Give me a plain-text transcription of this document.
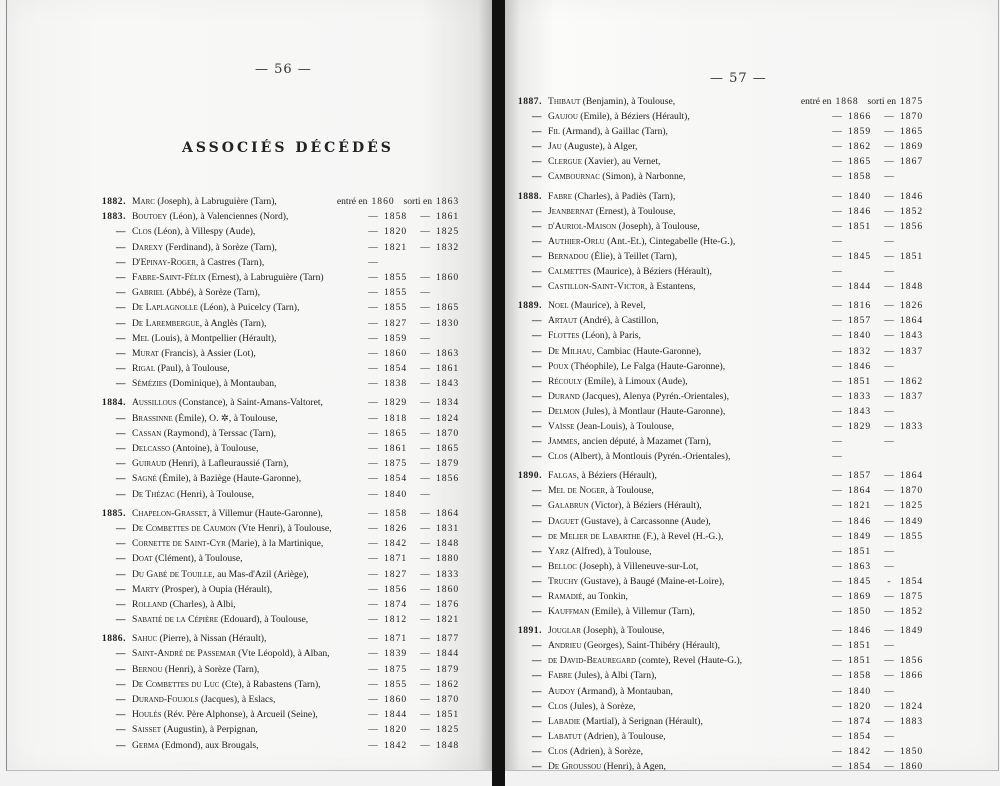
— 56 —
ASSOCIÉS DÉCÉDÉS
— 57 —
1882. Marc (Joseph), à Labruguière (Tarn),	entré en 1860 sorti en 1863
1883. Boutoey (Léon), à Valenciennes (Nord),	— 1858	— 1861
— Clos (Léon), à Villespy (Aude),	— 1820	— 1825
— Darexy (Ferdinand), à Sorèze (Tarn),	— 1821	— 1832
— D'Epinay-Roger, à Castres (Tarn),	—
— Fabre-Saint-Félix (Ernest), à Labruguière (Tarn)	— 1855	— 1860
— Gabriel (Abbé), à Sorèze (Tarn),	— 1855	—
— De Laplagnolle (Léon), à Puicelcy (Tarn),	— 1855	— 1865
— De Larembergue, à Anglès (Tarn),	— 1827	— 1830
— Mel (Louis), à Montpellier (Hérault),	— 1859	—
— Murat (Francis), à Assier (Lot),	— 1860	— 1863
— Rigal (Paul), à Toulouse,	— 1854	— 1861
— Sémézies (Dominique), à Montauban,	— 1838	— 1843
1884. Aussillous (Constance), à Saint-Amans-Valtoret,	— 1829	— 1834
— Brassinne (Émile), O. ✲, à Toulouse,	— 1818	— 1824
— Cassan (Raymond), à Terssac (Tarn),	— 1865	— 1870
— Delcasso (Antoine), à Toulouse,	— 1861	— 1865
— Guiraud (Henri), à Lafleuraussié (Tarn),	— 1875	— 1879
— Sagné (Émile), à Baziège (Haute-Garonne),	— 1854	— 1856
— De Thézac (Henri), à Toulouse,	— 1840	—
1885. Chapelon-Grasset, à Villemur (Haute-Garonne),	— 1858	— 1864
— De Combettes de Caumon (Vte Henri), à Toulouse,	— 1826	— 1831
— Cornette de Saint-Cyr (Marie), à la Martinique,	— 1842	— 1848
— Doat (Clément), à Toulouse,	— 1871	— 1880
— Du Gabé de Touille, au Mas-d'Azil (Ariège),	— 1827	— 1833
— Marty (Prosper), à Oupia (Hérault),	— 1856	— 1860
— Rolland (Charles), à Albi,	— 1874	— 1876
— Sabatié de la Cépière (Edouard), à Toulouse,	— 1812	— 1821
1886. Sahuc (Pierre), à Nissan (Hérault),	— 1871	— 1877
— Saint-André de Passemar (Vte Léopold), à Alban,	— 1839	— 1844
— Bernou (Henri), à Sorèze (Tarn),	— 1875	— 1879
— De Combettes du Luc (Cte), à Rabastens (Tarn),	— 1855	— 1862
— Durand-Foujols (Jacques), à Eslacs,	— 1860	— 1870
— Houlés (Rév. Père Alphonse), à Arcueil (Seine),	— 1844	— 1851
— Saisset (Augustin), à Perpignan,	— 1820	— 1825
— Germa (Edmond), aux Brougals,	— 1842	— 1848
1887. Thibaut (Benjamin), à Toulouse,	entré en 1868 sorti en 1875
— Gaujou (Emile), à Béziers (Hérault),	— 1866	— 1870
— Fil (Armand), à Gaillac (Tarn),	— 1859	— 1865
— Jau (Auguste), à Alger,	— 1862	— 1869
— Clergue (Xavier), au Vernet,	— 1865	— 1867
— Cambournac (Simon), à Narbonne,	— 1858	—
1888. Fabre (Charles), à Padiès (Tarn),	— 1840	— 1846
— Jeanbernat (Ernest), à Toulouse,	— 1846	— 1852
— d'Auriol-Maison (Joseph), à Toulouse,	— 1851	— 1856
— Authier-Orlu (Ant.-Et.), Cintegabelle (Hte-G.),	—	—
— Bernadou (Élie), à Teillet (Tarn),	— 1845	— 1851
— Calmettes (Maurice), à Béziers (Hérault),	—	—
— Castillon-Saint-Victor, à Estantens,	— 1844	— 1848
1889. Noel (Maurice), à Revel,	— 1816	— 1826
— Artaut (André), à Castillon,	— 1857	— 1864
— Flottes (Léon), à Paris,	— 1840	— 1843
— De Milhau, Cambiac (Haute-Garonne),	— 1832	— 1837
— Poux (Théophile), Le Falga (Haute-Garonne),	— 1846	—
— Récouly (Emile), à Limoux (Aude),	— 1851	— 1862
— Durand (Jacques), Alenya (Pyrén.-Orientales),	— 1833	— 1837
— Delmon (Jules), à Montlaur (Haute-Garonne),	— 1843	—
— Vaïsse (Jean-Louis), à Toulouse,	— 1829	— 1833
— Jammes, ancien député, à Mazamet (Tarn),	—	—
— Clos (Albert), à Montlouis (Pyrén.-Orientales),	—
1890. Falgas, à Béziers (Hérault),	— 1857	— 1864
— Mel de Noger, à Toulouse,	— 1864	— 1870
— Galabrun (Victor), à Béziers (Hérault),	— 1821	— 1825
— Daguet (Gustave), à Carcassonne (Aude),	— 1846	— 1849
— de Melier de Labarthe (F.), à Revel (H.-G.),	— 1849	— 1855
— Yarz (Alfred), à Toulouse,	— 1851	—
— Belloc (Joseph), à Villeneuve-sur-Lot,	— 1863	—
— Truchy (Gustave), à Baugé (Maine-et-Loire),	— 1845	- 1854
— Ramadié, au Tonkin,	— 1869	— 1875
— Kauffman (Emile), à Villemur (Tarn),	— 1850	— 1852
1891. Jouglar (Joseph), à Toulouse,	— 1846	— 1849
— Andrieu (Georges), Saint-Thibéry (Hérault),	— 1851	—
— de David-Beauregard (comte), Revel (Haute-G.),	— 1851	— 1856
— Fabre (Jules), à Albi (Tarn),	— 1858	— 1866
— Audoy (Armand), à Montauban,	— 1840	—
— Clos (Jules), à Sorèze,	— 1820	— 1824
— Labadie (Martial), à Serignan (Hérault),	— 1874	— 1883
— Labatut (Adrien), à Toulouse,	— 1854	—
— Clos (Adrien), à Sorèze,	— 1842	— 1850
— De Groussou (Henri), à Agen,	— 1854	— 1860
